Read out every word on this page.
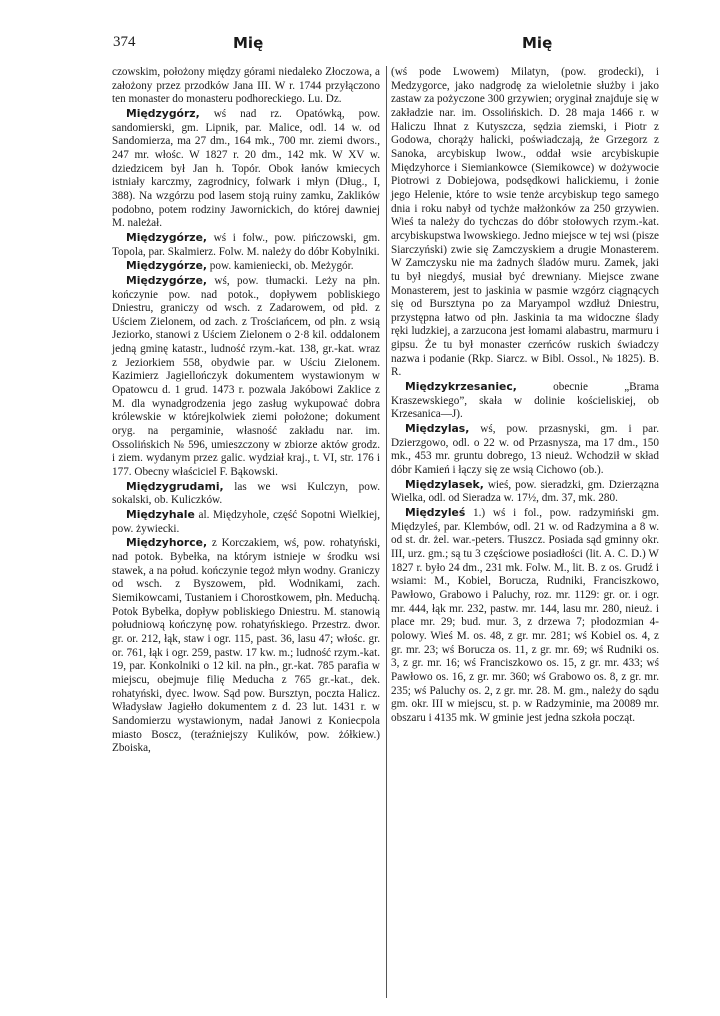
374	Mię	Mię

czowskim, położony między górami niedaleko Złoczowa, a założony przez przodków Jana III. W r. 1744 przyłączono ten monaster do monasteru podhoreckiego. Lu. Dz.

Międzygórz, wś nad rz. Opatówką, pow. sandomierski, gm. Lipnik, par. Malice, odl. 14 w. od Sandomierza, ma 27 dm., 164 mk., 700 mr. ziemi dwors., 247 mr. włośc. W 1827 r. 20 dm., 142 mk. W XV w. dziedzicem był Jan h. Topór. Obok łanów kmiecych istniały karczmy, zagrodnicy, folwark i młyn (Dług., I, 388). Na wzgórzu pod lasem stoją ruiny zamku, Zaklików podobno, potem rodziny Jawornickich, do której dawniej M. należał.

Międzygórze, wś i folw., pow. pińczowski, gm. Topola, par. Skalmierz. Folw. M. należy do dóbr Kobylniki.

Międzygórze, pow. kamieniecki, ob. Meżygór.

Międzygórze, wś, pow. tłumacki. Leży na płn. kończynie pow. nad potok., dopływem pobliskiego Dniestru, graniczy od wsch. z Zadarowem, od płd. z Uściem Zielonem, od zach. z Trościańcem, od płn. z wsią Jeziorko, stanowi z Uściem Zielonem o 2·8 kil. oddalonem jedną gminę katastr., ludność rzym.-kat. 138, gr.-kat. wraz z Jeziorkiem 558, obydwie par. w Uściu Zielonem. Kazimierz Jagiellończyk dokumentem wystawionym w Opatowcu d. 1 grud. 1473 r. pozwala Jakóbowi Zaklice z M. dla wynadgrodzenia jego zasług wykupować dobra królewskie w którejkolwiek ziemi położone; dokument oryg. na pergaminie, własność zakładu nar. im. Ossolińskich № 596, umieszczony w zbiorze aktów grodz. i ziem. wydanym przez galic. wydział kraj., t. VI, str. 176 i 177. Obecny właściciel F. Bąkowski.

Międzygrudami, las we wsi Kulczyn, pow. sokalski, ob. Kuliczków.

Międzyhale al. Międzyhole, część Sopotni Wielkiej, pow. żywiecki.

Międzyhorce, z Korczakiem, wś, pow. rohatyński, nad potok. Bybełka, na którym istnieje w środku wsi stawek, a na połud. kończynie tegoż młyn wodny. Graniczy od wsch. z Byszowem, płd. Wodnikami, zach. Siemikowcami, Tustaniem i Chorostkowem, płn. Meduchą. Potok Bybełka, dopływ pobliskiego Dniestru. M. stanowią południową kończynę pow. rohatyńskiego. Przestrz. dwor. gr. or. 212, łąk, staw i ogr. 115, past. 36, lasu 47; włośc. gr. or. 761, łąk i ogr. 259, pastw. 17 kw. m.; ludność rzym.-kat. 19, par. Konkolniki o 12 kil. na płn., gr.-kat. 785 parafia w miejscu, obejmuje filię Meducha z 765 gr.-kat., dek. rohatyński, dyec. lwow. Sąd pow. Bursztyn, poczta Halicz. Władysław Jagiełło dokumentem z d. 23 lut. 1431 r. w Sandomierzu wystawionym, nadał Janowi z Koniecpola miasto Boscz, (teraźniejszy Kulików, pow. żółkiew.) Zboiska,

(wś pode Lwowem) Milatyn, (pow. grodecki), i Medzygorce, jako nadgrodę za wieloletnie służby i jako zastaw za pożyczone 300 grzywien; oryginał znajduje się w zakładzie nar. im. Ossolińskich. D. 28 maja 1466 r. w Haliczu Ihnat z Kutyszcza, sędzia ziemski, i Piotr z Godowa, chorąży halicki, poświadczają, że Grzegorz z Sanoka, arcybiskup lwow., oddał wsie arcybiskupie Międzyhorce i Siemiankowce (Siemikowce) w dożywocie Piotrowi z Dobiejowa, podsędkowi halickiemu, i żonie jego Helenie, które to wsie tenże arcybiskup tego samego dnia i roku nabył od tychże małżonków za 250 grzywien. Wieś ta należy do tychczas do dóbr stołowych rzym.-kat. arcybiskupstwa lwowskiego. Jedno miejsce w tej wsi (pisze Siarczyński) zwie się Zamczyskiem a drugie Monasterem. W Zamczysku nie ma żadnych śladów muru. Zamek, jaki tu był niegdyś, musiał być drewniany. Miejsce zwane Monasterem, jest to jaskinia w pasmie wzgórz ciągnących się od Bursztyna po za Maryampol wzdłuż Dniestru, przystępna łatwo od płn. Jaskinia ta ma widoczne ślady ręki ludzkiej, a zarzucona jest łomami alabastru, marmuru i gipsu. Że tu był monaster czerńców ruskich świadczy nazwa i podanie (Rkp. Siarcz. w Bibl. Ossol., № 1825). B. R.

Międzykrzesaniec, obecnie „Brama Kraszewskiego”, skała w dolinie kościeliskiej, ob Krzesanica—J).

Międzylas, wś, pow. przasnyski, gm. i par. Dzierzgowo, odl. o 22 w. od Przasnysza, ma 17 dm., 150 mk., 453 mr. gruntu dobrego, 13 nieuż. Wchodził w skład dóbr Kamień i łączy się ze wsią Cichowo (ob.).

Międzylasek, wieś, pow. sieradzki, gm. Dzierzązna Wielka, odl. od Sieradza w. 17½, dm. 37, mk. 280.

Międzyleś 1.) wś i fol., pow. radzymiński gm. Międzyleś, par. Klembów, odl. 21 w. od Radzymina a 8 w. od st. dr. żel. war.-peters. Tłuszcz. Posiada sąd gminny okr. III, urz. gm.; są tu 3 częściowe posiadłości (lit. A. C. D.) W 1827 r. było 24 dm., 231 mk. Folw. M., lit. B. z os. Grudź i wsiami: M., Kobiel, Borucza, Rudniki, Franciszkowo, Pawłowo, Grabowo i Paluchy, roz. mr. 1129: gr. or. i ogr. mr. 444, łąk mr. 232, pastw. mr. 144, lasu mr. 280, nieuż. i place mr. 29; bud. mur. 3, z drzewa 7; płodozmian 4-polowy. Wieś M. os. 48, z gr. mr. 281; wś Kobiel os. 4, z gr. mr. 23; wś Borucza os. 11, z gr. mr. 69; wś Rudniki os. 3, z gr. mr. 16; wś Franciszkowo os. 15, z gr. mr. 433; wś Pawłowo os. 16, z gr. mr. 360; wś Grabowo os. 8, z gr. mr. 235; wś Paluchy os. 2, z gr. mr. 28. M. gm., należy do sądu gm. okr. III w miejscu, st. p. w Radzyminie, ma 20089 mr. obszaru i 4135 mk. W gminie jest jedna szkoła począt.
